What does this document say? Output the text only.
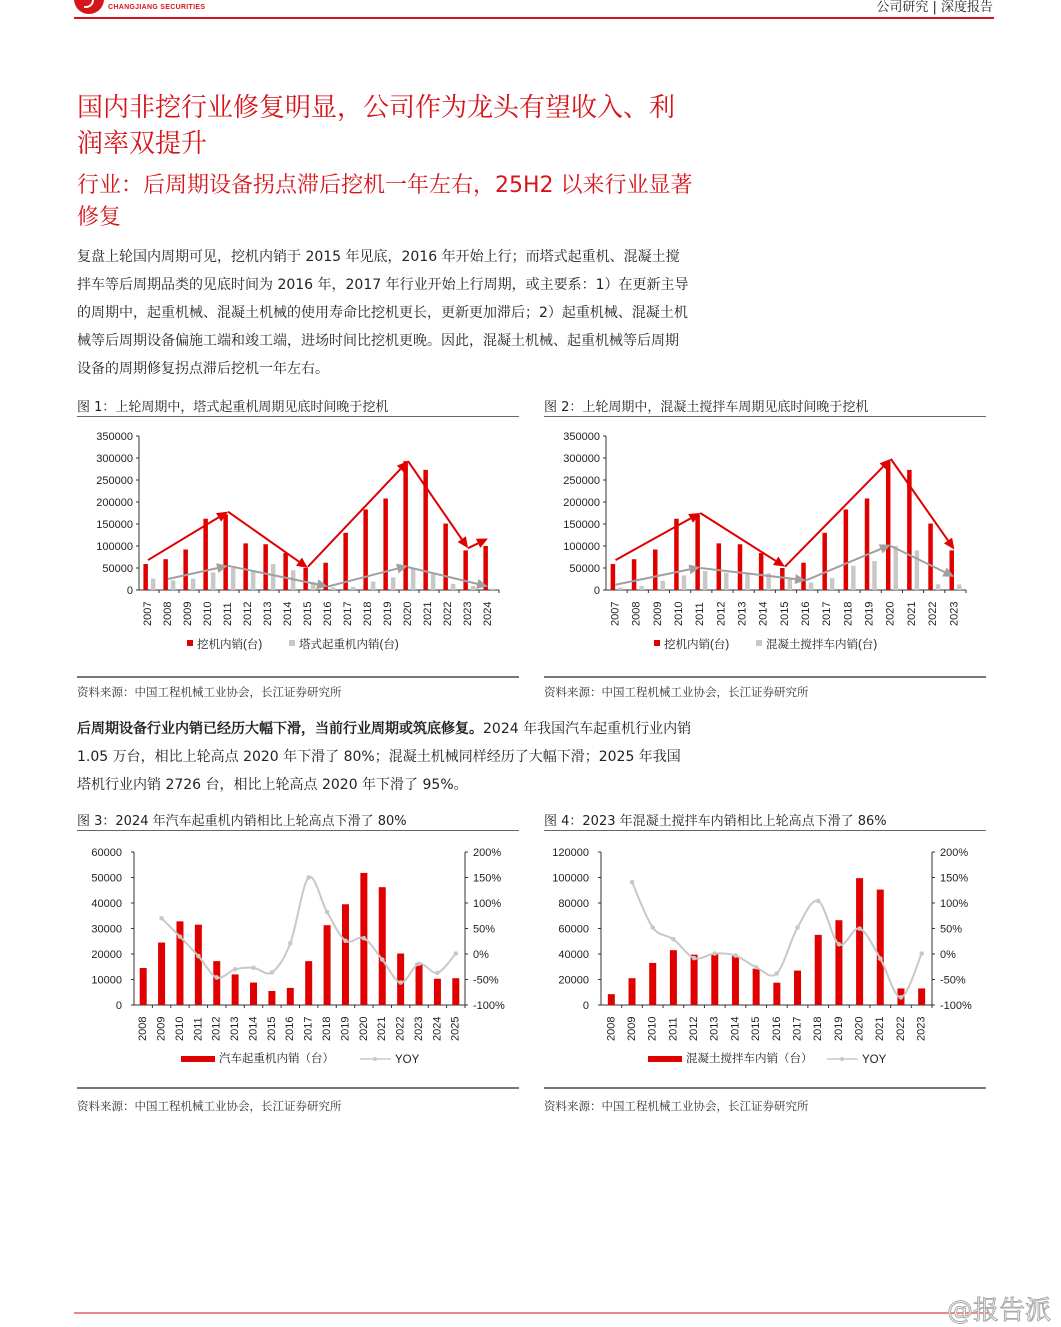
CHANGJIANG SECURITIES	公司研究 | 深度报告
国内非挖行业修复明显，公司作为龙头有望收入、利润率双提升
行业：后周期设备拐点滞后挖机一年左右，25H2 以来行业显著修复
复盘上轮国内周期可见，挖机内销于 2015 年见底，2016 年开始上行；而塔式起重机、混凝土搅拌车等后周期品类的见底时间为 2016 年，2017 年行业开始上行周期，或主要系：1）在更新主导的周期中，起重机械、混凝土机械的使用寿命比挖机更长，更新更加滞后；2）起重机械、混凝土机械等后周期设备偏施工端和竣工端，进场时间比挖机更晚。因此，混凝土机械、起重机械等后周期设备的周期修复拐点滞后挖机一年左右。
图 1：上轮周期中，塔式起重机周期见底时间晚于挖机
350000
300000
250000
200000
150000
100000
50000
0
2007 2008 2009 2010 2011 2012 2013 2014 2015 2016 2017 2018 2019 2020 2021 2022 2023 2024
挖机内销(台)	塔式起重机内销(台)
资料来源：中国工程机械工业协会，长江证券研究所
图 2：上轮周期中，混凝土搅拌车周期见底时间晚于挖机
350000
300000
250000
200000
150000
100000
50000
0
2007 2008 2009 2010 2011 2012 2013 2014 2015 2016 2017 2018 2019 2020 2021 2022 2023
挖机内销(台)	混凝土搅拌车内销(台)
资料来源：中国工程机械工业协会，长江证券研究所
后周期设备行业内销已经历大幅下滑，当前行业周期或筑底修复。2024 年我国汽车起重机行业内销 1.05 万台，相比上轮高点 2020 年下滑了 80%；混凝土机械同样经历了大幅下滑；2025 年我国塔机行业内销 2726 台，相比上轮高点 2020 年下滑了 95%。
图 3：2024 年汽车起重机内销相比上轮高点下滑了 80%
60000
50000
40000
30000
20000
10000
0
200%
150%
100%
50%
0%
-50%
-100%
2008 2009 2010 2011 2012 2013 2014 2015 2016 2017 2018 2019 2020 2021 2022 2023 2024 2025
汽车起重机内销（台）	YOY
资料来源：中国工程机械工业协会，长江证券研究所
图 4：2023 年混凝土搅拌车内销相比上轮高点下滑了 86%
120000
100000
80000
60000
40000
20000
0
200%
150%
100%
50%
0%
-50%
-100%
2008 2009 2010 2011 2012 2013 2014 2015 2016 2017 2018 2019 2020 2021 2022 2023
混凝土搅拌车内销（台）	YOY
资料来源：中国工程机械工业协会，长江证券研究所
@报告派
